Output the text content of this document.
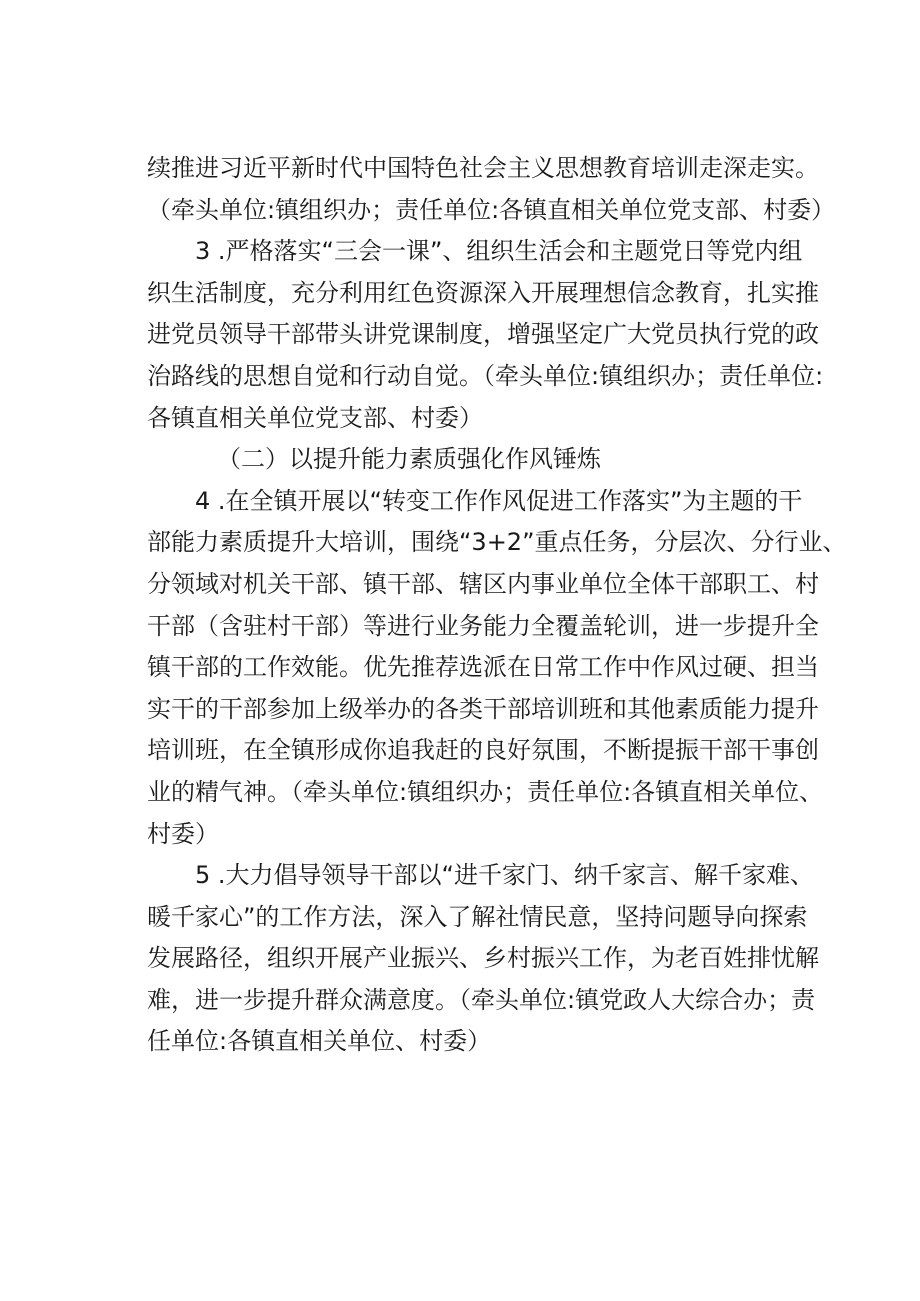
续推进习近平新时代中国特色社会主义思想教育培训走深走实。
（牵头单位:镇组织办；责任单位:各镇直相关单位党支部、村委）
3 .严格落实“三会一课”、组织生活会和主题党日等党内组
织生活制度，充分利用红色资源深入开展理想信念教育，扎实推
进党员领导干部带头讲党课制度，增强坚定广大党员执行党的政
治路线的思想自觉和行动自觉。（牵头单位:镇组织办；责任单位:
各镇直相关单位党支部、村委）
（二）以提升能力素质强化作风锤炼
4 .在全镇开展以“转变工作作风促进工作落实”为主题的干
部能力素质提升大培训，围绕“3+2”重点任务，分层次、分行业、
分领域对机关干部、镇干部、辖区内事业单位全体干部职工、村
干部（含驻村干部）等进行业务能力全覆盖轮训，进一步提升全
镇干部的工作效能。优先推荐选派在日常工作中作风过硬、担当
实干的干部参加上级举办的各类干部培训班和其他素质能力提升
培训班，在全镇形成你追我赶的良好氛围，不断提振干部干事创
业的精气神。（牵头单位:镇组织办；责任单位:各镇直相关单位、
村委）
5 .大力倡导领导干部以“进千家门、纳千家言、解千家难、
暖千家心”的工作方法，深入了解社情民意，坚持问题导向探索
发展路径，组织开展产业振兴、乡村振兴工作，为老百姓排忧解
难，进一步提升群众满意度。（牵头单位:镇党政人大综合办；责
任单位:各镇直相关单位、村委）
